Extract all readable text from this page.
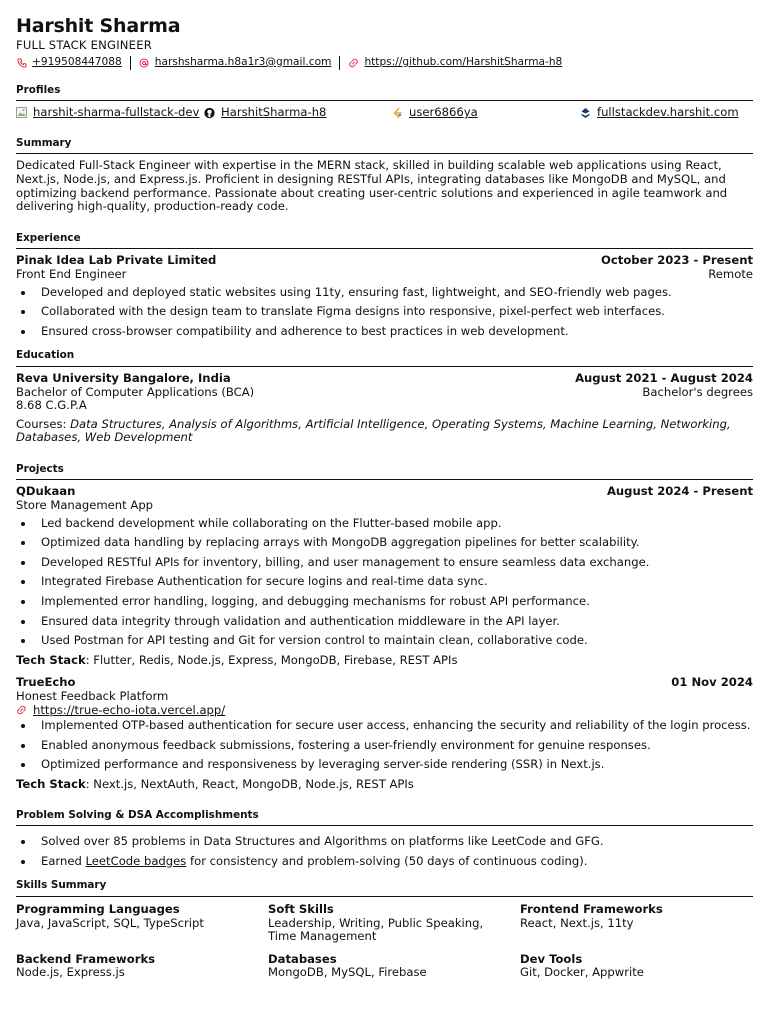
Harshit Sharma
FULL STACK ENGINEER
+919508447088	harshsharma.h8a1r3@gmail.com	https://github.com/HarshitSharma-h8
Profiles
harshit-sharma-fullstack-dev HarshitSharma-h8	user6866ya	fullstackdev.harshit.com
Summary
Dedicated Full-Stack Engineer with expertise in the MERN stack, skilled in building scalable web applications using React, Next.js, Node.js, and Express.js. Proficient in designing RESTful APIs, integrating databases like MongoDB and MySQL, and optimizing backend performance. Passionate about creating user-centric solutions and experienced in agile teamwork and delivering high-quality, production-ready code.
Experience
Pinak Idea Lab Private Limited	October 2023 - Present
Front End Engineer	Remote
Developed and deployed static websites using 11ty, ensuring fast, lightweight, and SEO-friendly web pages.
Collaborated with the design team to translate Figma designs into responsive, pixel-perfect web interfaces.
Ensured cross-browser compatibility and adherence to best practices in web development.
Education
Reva University Bangalore, India	August 2021 - August 2024
Bachelor of Computer Applications (BCA)	Bachelor's degrees
8.68 C.G.P.A
Courses: Data Structures, Analysis of Algorithms, Artificial Intelligence, Operating Systems, Machine Learning, Networking, Databases, Web Development
Projects
QDukaan	August 2024 - Present
Store Management App
Led backend development while collaborating on the Flutter-based mobile app.
Optimized data handling by replacing arrays with MongoDB aggregation pipelines for better scalability.
Developed RESTful APIs for inventory, billing, and user management to ensure seamless data exchange.
Integrated Firebase Authentication for secure logins and real-time data sync.
Implemented error handling, logging, and debugging mechanisms for robust API performance.
Ensured data integrity through validation and authentication middleware in the API layer.
Used Postman for API testing and Git for version control to maintain clean, collaborative code.
Tech Stack: Flutter, Redis, Node.js, Express, MongoDB, Firebase, REST APIs
TrueEcho	01 Nov 2024
Honest Feedback Platform
https://true-echo-iota.vercel.app/
Implemented OTP-based authentication for secure user access, enhancing the security and reliability of the login process.
Enabled anonymous feedback submissions, fostering a user-friendly environment for genuine responses.
Optimized performance and responsiveness by leveraging server-side rendering (SSR) in Next.js.
Tech Stack: Next.js, NextAuth, React, MongoDB, Node.js, REST APIs
Problem Solving & DSA Accomplishments
Solved over 85 problems in Data Structures and Algorithms on platforms like LeetCode and GFG.
Earned LeetCode badges for consistency and problem-solving (50 days of continuous coding).
Skills Summary
Programming Languages
Java, JavaScript, SQL, TypeScript
Soft Skills
Leadership, Writing, Public Speaking, Time Management
Frontend Frameworks
React, Next.js, 11ty
Backend Frameworks
Node.js, Express.js
Databases
MongoDB, MySQL, Firebase
Dev Tools
Git, Docker, Appwrite
